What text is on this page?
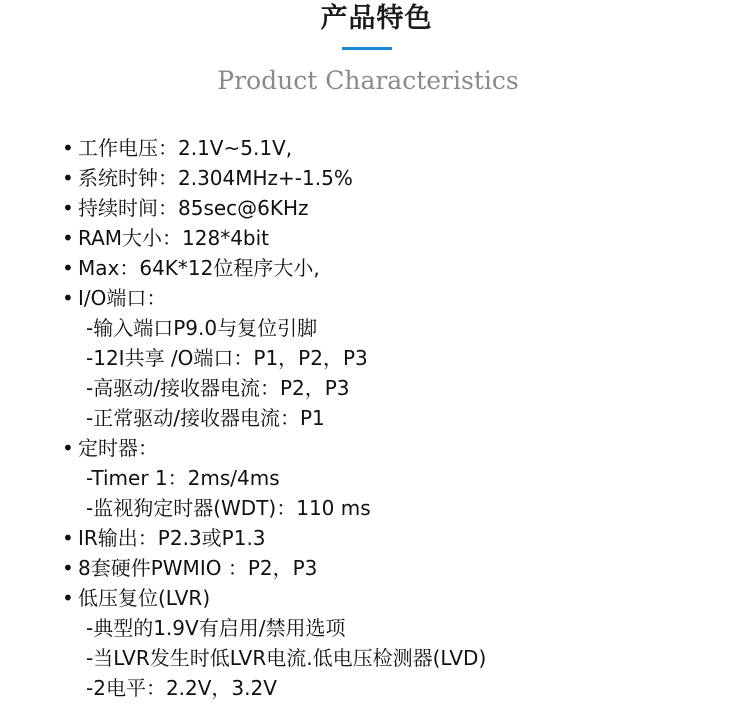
产品特色
Product Characteristics
• 工作电压：2.1V~5.1V,
• 系统时钟：2.304MHz+-1.5%
• 持续时间：85sec@6KHz
• RAM大小：128*4bit
• Max：64K*12位程序大小,
• I/O端口：
-输入端口P9.0与复位引脚
-12I共享 /O端口：P1，P2，P3
-高驱动/接收器电流：P2，P3
-正常驱动/接收器电流：P1
• 定时器：
-Timer 1：2ms/4ms
-监视狗定时器(WDT)：110 ms
• IR输出：P2.3或P1.3
• 8套硬件PWMIO ：P2，P3
• 低压复位(LVR)
-典型的1.9V有启用/禁用选项
-当LVR发生时低LVR电流.低电压检测器(LVD)
-2电平：2.2V，3.2V
